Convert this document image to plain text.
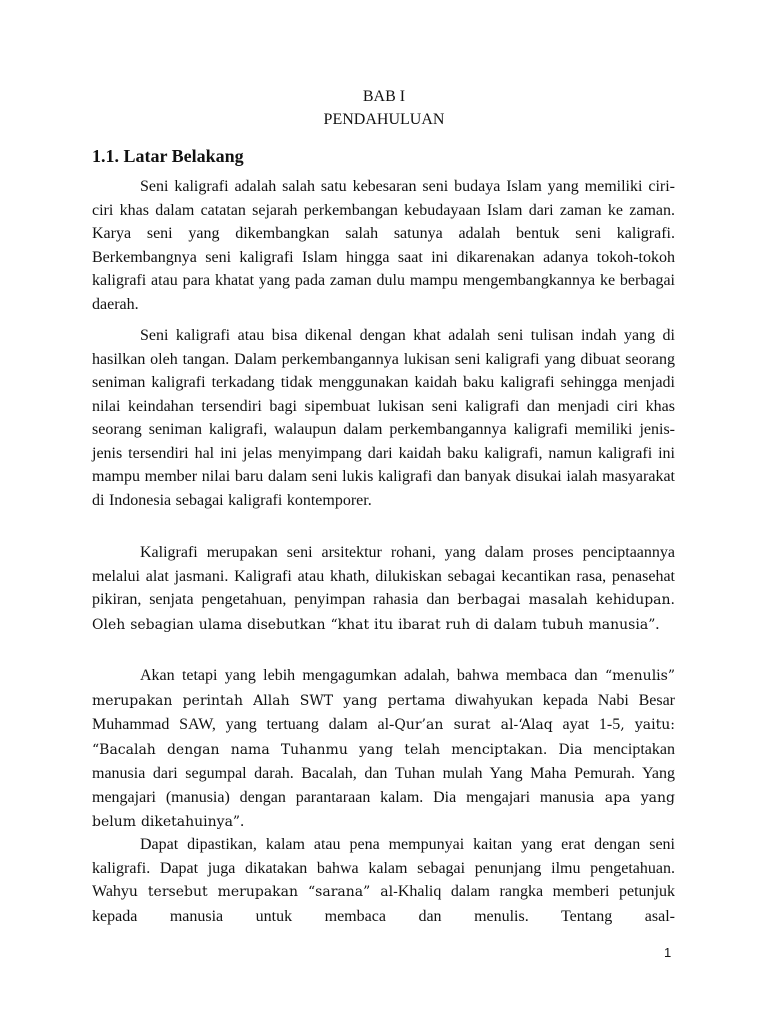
BAB I
PENDAHULUAN
1.1. Latar Belakang

Seni kaligrafi adalah salah satu kebesaran seni budaya Islam yang memiliki ciri-ciri khas dalam catatan sejarah perkembangan kebudayaan Islam dari zaman ke zaman. Karya seni yang dikembangkan salah satunya adalah bentuk seni kaligrafi. Berkembangnya seni kaligrafi Islam hingga saat ini dikarenakan adanya tokoh-tokoh kaligrafi atau para khatat yang pada zaman dulu mampu mengembangkannya ke berbagai daerah.

Seni kaligrafi atau bisa dikenal dengan khat adalah seni tulisan indah yang di hasilkan oleh tangan. Dalam perkembangannya lukisan seni kaligrafi yang dibuat seorang seniman kaligrafi terkadang tidak menggunakan kaidah baku kaligrafi sehingga menjadi nilai keindahan tersendiri bagi sipembuat lukisan seni kaligrafi dan menjadi ciri khas seorang seniman kaligrafi, walaupun dalam perkembangannya kaligrafi memiliki jenis-jenis tersendiri hal ini jelas menyimpang dari kaidah baku kaligrafi, namun kaligrafi ini mampu member nilai baru dalam seni lukis kaligrafi dan banyak disukai ialah masyarakat di Indonesia sebagai kaligrafi kontemporer.

Kaligrafi merupakan seni arsitektur rohani, yang dalam proses penciptaannya melalui alat jasmani. Kaligrafi atau khath, dilukiskan sebagai kecantikan rasa, penasehat pikiran, senjata pengetahuan, penyimpan rahasia dan berbagai masalah kehidupan. Oleh sebagian ulama disebutkan “khat itu ibarat ruh di dalam tubuh manusia”.

Akan tetapi yang lebih mengagumkan adalah, bahwa membaca dan “menulis” merupakan perintah Allah SWT yang pertama diwahyukan kepada Nabi Besar Muhammad SAW, yang tertuang dalam al-Qur’an surat al-‘Alaq ayat 1-5, yaitu: “Bacalah dengan nama Tuhanmu yang telah menciptakan. Dia menciptakan manusia dari segumpal darah. Bacalah, dan Tuhan mulah Yang Maha Pemurah. Yang mengajari (manusia) dengan parantaraan kalam. Dia mengajari manusia apa yang belum diketahuinya”.

Dapat dipastikan, kalam atau pena mempunyai kaitan yang erat dengan seni kaligrafi. Dapat juga dikatakan bahwa kalam sebagai penunjang ilmu pengetahuan. Wahyu tersebut merupakan “sarana” al-Khaliq dalam rangka memberi petunjuk kepada manusia untuk membaca dan menulis. Tentang asal-

1
